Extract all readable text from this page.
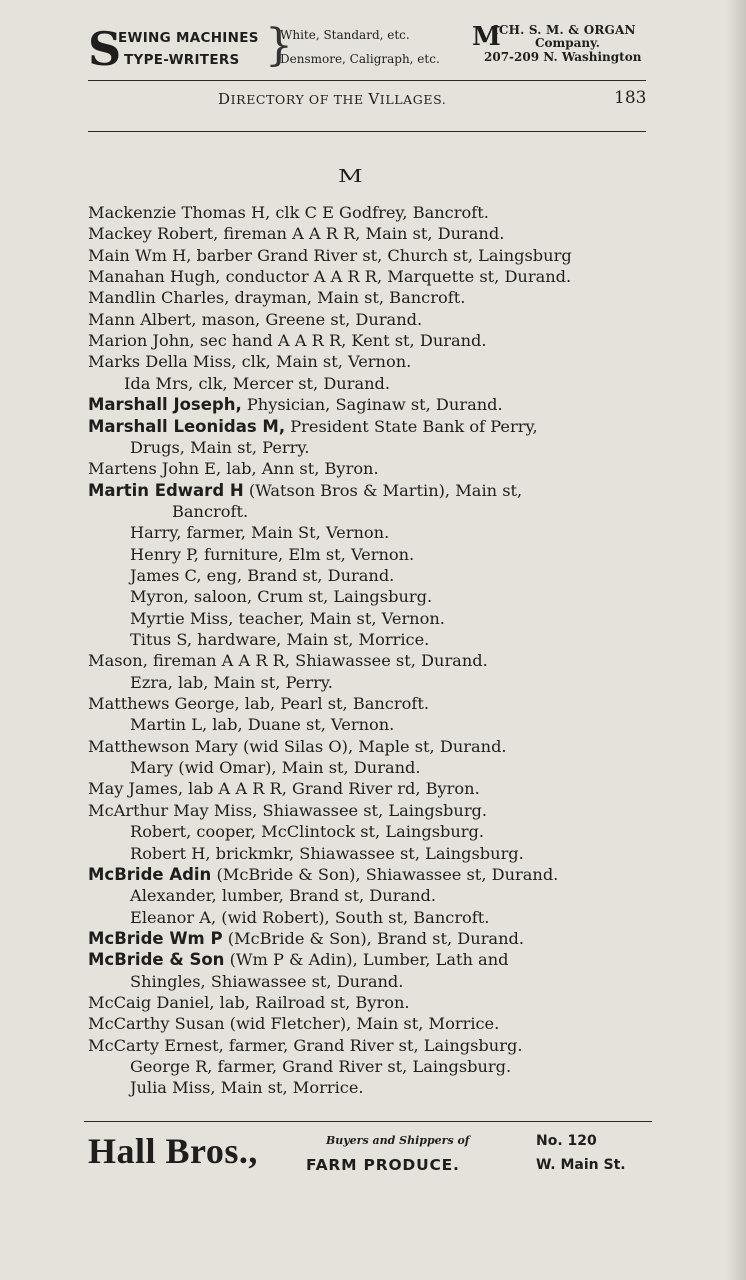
S
EWING MACHINES
TYPE-WRITERS }
White, Standard, etc.
Densmore, Caligraph, etc.
M
ICH. S. M. & ORGAN
Company.
207-209 N. Washington
DIRECTORY OF THE VILLAGES.	183
M
Mackenzie Thomas H, clk C E Godfrey, Bancroft.
Mackey Robert, fireman A A R R, Main st, Durand.
Main Wm H, barber Grand River st, Church st, Laingsburg
Manahan Hugh, conductor A A R R, Marquette st, Durand.
Mandlin Charles, drayman, Main st, Bancroft.
Mann Albert, mason, Greene st, Durand.
Marion John, sec hand A A R R, Kent st, Durand.
Marks Della Miss, clk, Main st, Vernon.
Ida Mrs, clk, Mercer st, Durand.
Marshall Joseph, Physician, Saginaw st, Durand.
Marshall Leonidas M, President State Bank of Perry,
Drugs, Main st, Perry.
Martens John E, lab, Ann st, Byron.
Martin Edward H (Watson Bros & Martin), Main st,
Bancroft.
Harry, farmer, Main St, Vernon.
Henry P, furniture, Elm st, Vernon.
James C, eng, Brand st, Durand.
Myron, saloon, Crum st, Laingsburg.
Myrtie Miss, teacher, Main st, Vernon.
Titus S, hardware, Main st, Morrice.
Mason, fireman A A R R, Shiawassee st, Durand.
Ezra, lab, Main st, Perry.
Matthews George, lab, Pearl st, Bancroft.
Martin L, lab, Duane st, Vernon.
Matthewson Mary (wid Silas O), Maple st, Durand.
Mary (wid Omar), Main st, Durand.
May James, lab A A R R, Grand River rd, Byron.
McArthur May Miss, Shiawassee st, Laingsburg.
Robert, cooper, McClintock st, Laingsburg.
Robert H, brickmkr, Shiawassee st, Laingsburg.
McBride Adin (McBride & Son), Shiawassee st, Durand.
Alexander, lumber, Brand st, Durand.
Eleanor A, (wid Robert), South st, Bancroft.
McBride Wm P (McBride & Son), Brand st, Durand.
McBride & Son (Wm P & Adin), Lumber, Lath and
Shingles, Shiawassee st, Durand.
McCaig Daniel, lab, Railroad st, Byron.
McCarthy Susan (wid Fletcher), Main st, Morrice.
McCarty Ernest, farmer, Grand River st, Laingsburg.
George R, farmer, Grand River st, Laingsburg.
Julia Miss, Main st, Morrice.
Hall Bros.,	Buyers and Shippers of
FARM PRODUCE.
No. 120
W. Main St.
